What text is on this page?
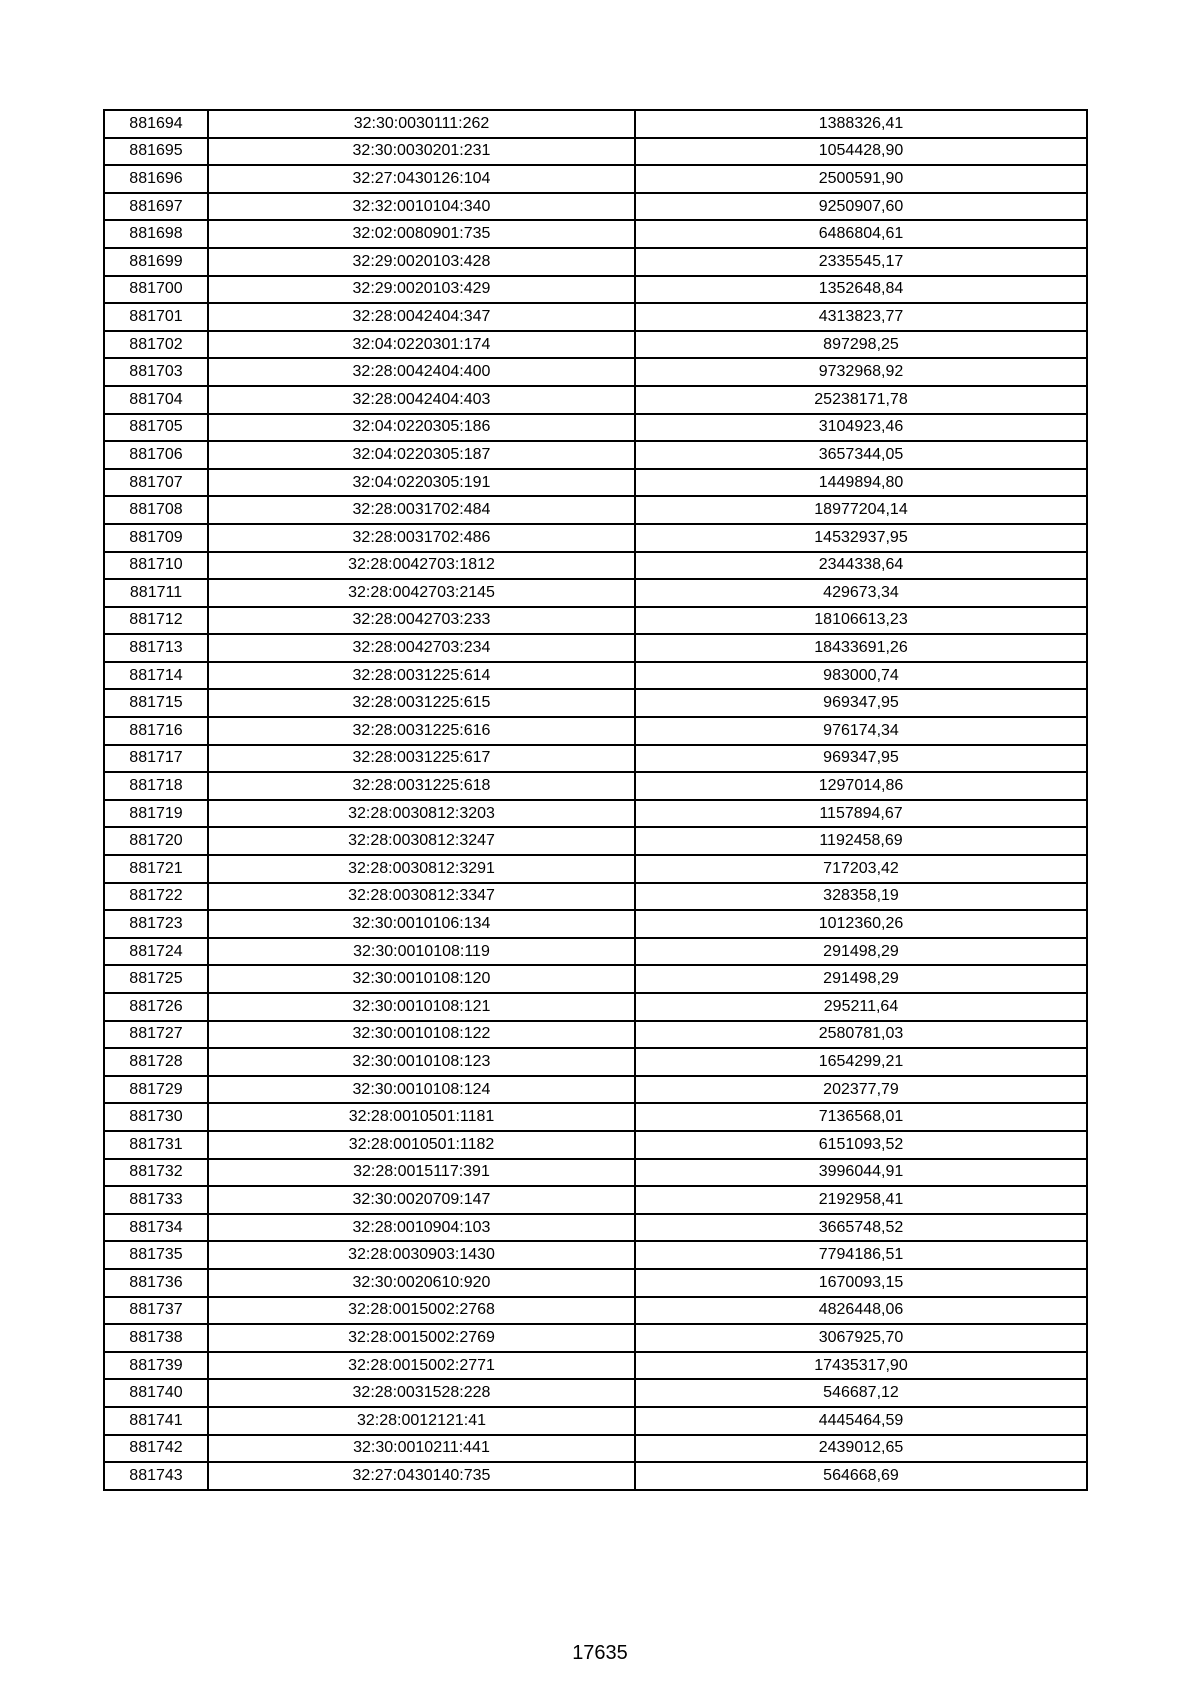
881694	32:30:0030111:262	1388326,41
881695	32:30:0030201:231	1054428,90
881696	32:27:0430126:104	2500591,90
881697	32:32:0010104:340	9250907,60
881698	32:02:0080901:735	6486804,61
881699	32:29:0020103:428	2335545,17
881700	32:29:0020103:429	1352648,84
881701	32:28:0042404:347	4313823,77
881702	32:04:0220301:174	897298,25
881703	32:28:0042404:400	9732968,92
881704	32:28:0042404:403	25238171,78
881705	32:04:0220305:186	3104923,46
881706	32:04:0220305:187	3657344,05
881707	32:04:0220305:191	1449894,80
881708	32:28:0031702:484	18977204,14
881709	32:28:0031702:486	14532937,95
881710	32:28:0042703:1812	2344338,64
881711	32:28:0042703:2145	429673,34
881712	32:28:0042703:233	18106613,23
881713	32:28:0042703:234	18433691,26
881714	32:28:0031225:614	983000,74
881715	32:28:0031225:615	969347,95
881716	32:28:0031225:616	976174,34
881717	32:28:0031225:617	969347,95
881718	32:28:0031225:618	1297014,86
881719	32:28:0030812:3203	1157894,67
881720	32:28:0030812:3247	1192458,69
881721	32:28:0030812:3291	717203,42
881722	32:28:0030812:3347	328358,19
881723	32:30:0010106:134	1012360,26
881724	32:30:0010108:119	291498,29
881725	32:30:0010108:120	291498,29
881726	32:30:0010108:121	295211,64
881727	32:30:0010108:122	2580781,03
881728	32:30:0010108:123	1654299,21
881729	32:30:0010108:124	202377,79
881730	32:28:0010501:1181	7136568,01
881731	32:28:0010501:1182	6151093,52
881732	32:28:0015117:391	3996044,91
881733	32:30:0020709:147	2192958,41
881734	32:28:0010904:103	3665748,52
881735	32:28:0030903:1430	7794186,51
881736	32:30:0020610:920	1670093,15
881737	32:28:0015002:2768	4826448,06
881738	32:28:0015002:2769	3067925,70
881739	32:28:0015002:2771	17435317,90
881740	32:28:0031528:228	546687,12
881741	32:28:0012121:41	4445464,59
881742	32:30:0010211:441	2439012,65
881743	32:27:0430140:735	564668,69
17635
